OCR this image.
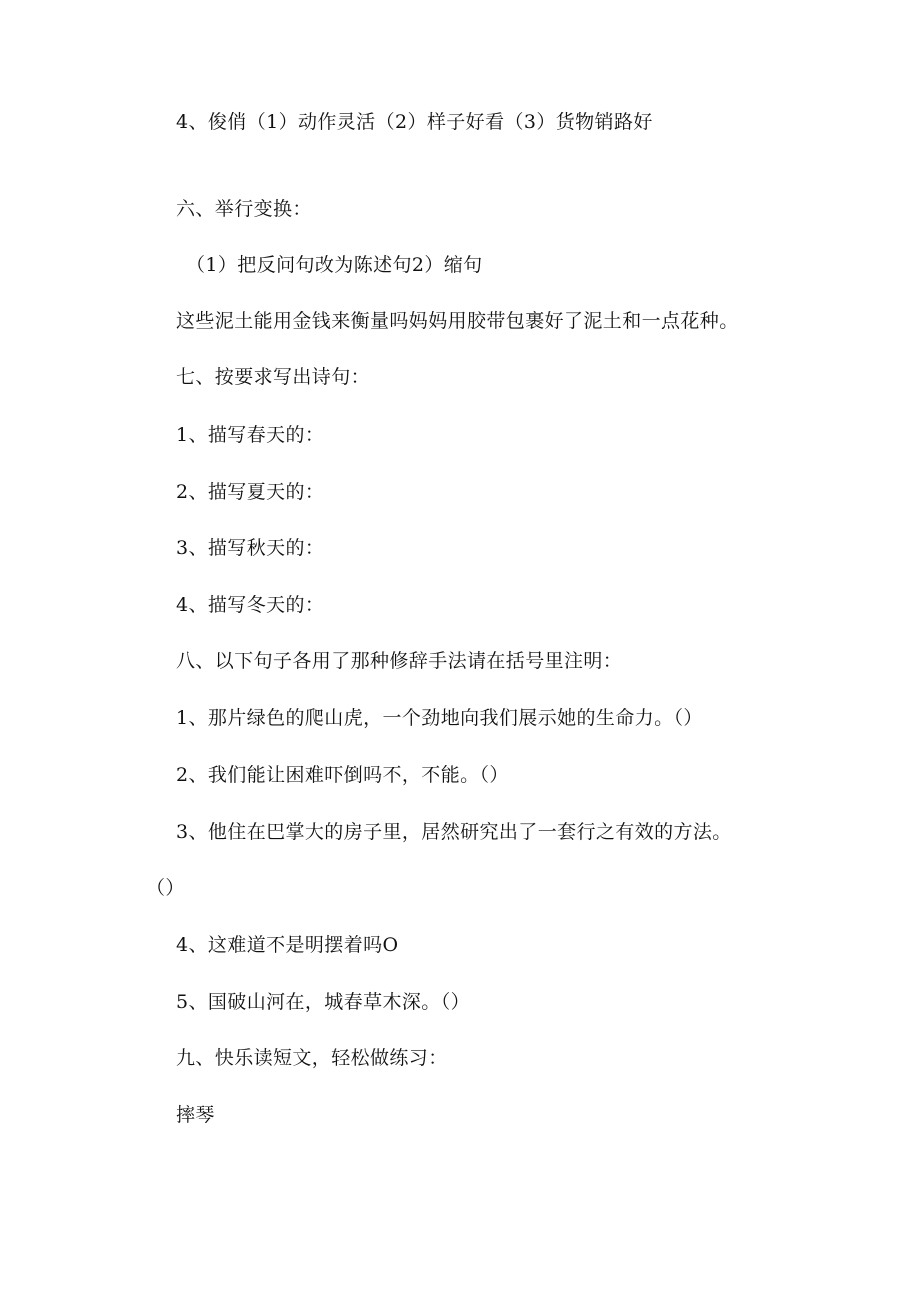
4、俊俏（1）动作灵活（2）样子好看（3）货物销路好
六、举行变换：
（1）把反问句改为陈述句2）缩句
这些泥土能用金钱来衡量吗妈妈用胶带包裹好了泥土和一点花种。
七、按要求写出诗句：
1、描写春天的：
2、描写夏天的：
3、描写秋天的：
4、描写冬天的：
八、以下句子各用了那种修辞手法请在括号里注明：
1、那片绿色的爬山虎，一个劲地向我们展示她的生命力。（）
2、我们能让困难吓倒吗不，不能。（）
3、他住在巴掌大的房子里，居然研究出了一套行之有效的方法。
（）
4、这难道不是明摆着吗O
5、国破山河在，城春草木深。（）
九、快乐读短文，轻松做练习：
摔琴
